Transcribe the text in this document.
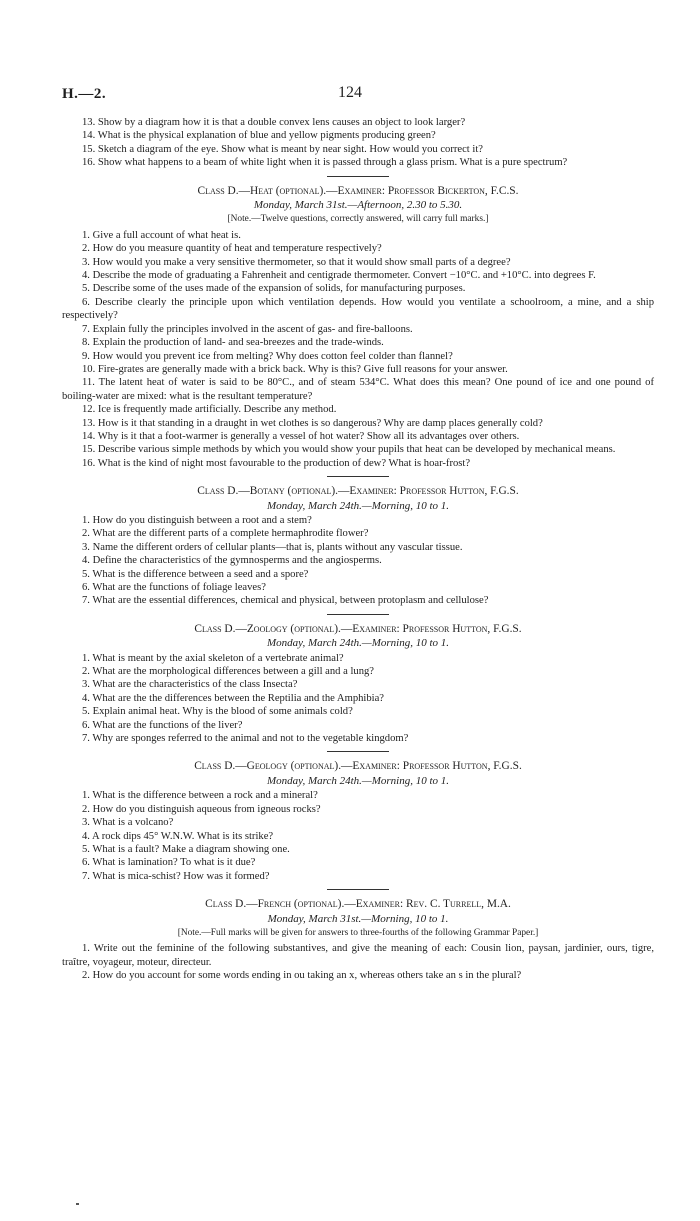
H.—2.	124

13. Show by a diagram how it is that a double convex lens causes an object to look larger?

14. What is the physical explanation of blue and yellow pigments producing green?

15. Sketch a diagram of the eye. Show what is meant by near sight. How would you correct it?

16. Show what happens to a beam of white light when it is passed through a glass prism. What is a pure spectrum?

Class D.—Heat (optional).—Examiner: Professor Bickerton, F.C.S.
Monday, March 31st.—Afternoon, 2.30 to 5.30.
[Note.—Twelve questions, correctly answered, will carry full marks.]

1. Give a full account of what heat is.

2. How do you measure quantity of heat and temperature respectively?

3. How would you make a very sensitive thermometer, so that it would show small parts of a degree?

4. Describe the mode of graduating a Fahrenheit and centigrade thermometer. Convert −10°C. and +10°C. into degrees F.

5. Describe some of the uses made of the expansion of solids, for manufacturing purposes.

6. Describe clearly the principle upon which ventilation depends. How would you ventilate a schoolroom, a mine, and a ship respectively?

7. Explain fully the principles involved in the ascent of gas- and fire-balloons.

8. Explain the production of land- and sea-breezes and the trade-winds.

9. How would you prevent ice from melting? Why does cotton feel colder than flannel?

10. Fire-grates are generally made with a brick back. Why is this? Give full reasons for your answer.

11. The latent heat of water is said to be 80°C., and of steam 534°C. What does this mean? One pound of ice and one pound of boiling-water are mixed: what is the resultant temperature?

12. Ice is frequently made artificially. Describe any method.

13. How is it that standing in a draught in wet clothes is so dangerous? Why are damp places generally cold?

14. Why is it that a foot-warmer is generally a vessel of hot water? Show all its advantages over others.

15. Describe various simple methods by which you would show your pupils that heat can be developed by mechanical means.

16. What is the kind of night most favourable to the production of dew? What is hoar-frost?

Class D.—Botany (optional).—Examiner: Professor Hutton, F.G.S.
Monday, March 24th.—Morning, 10 to 1.

1. How do you distinguish between a root and a stem?

2. What are the different parts of a complete hermaphrodite flower?

3. Name the different orders of cellular plants—that is, plants without any vascular tissue.

4. Define the characteristics of the gymnosperms and the angiosperms.

5. What is the difference between a seed and a spore?

6. What are the functions of foliage leaves?

7. What are the essential differences, chemical and physical, between protoplasm and cellulose?

Class D.—Zoology (optional).—Examiner: Professor Hutton, F.G.S.
Monday, March 24th.—Morning, 10 to 1.

1. What is meant by the axial skeleton of a vertebrate animal?

2. What are the morphological differences between a gill and a lung?

3. What are the characteristics of the class Insecta?

4. What are the the differences between the Reptilia and the Amphibia?

5. Explain animal heat. Why is the blood of some animals cold?

6. What are the functions of the liver?

7. Why are sponges referred to the animal and not to the vegetable kingdom?

Class D.—Geology (optional).—Examiner: Professor Hutton, F.G.S.
Monday, March 24th.—Morning, 10 to 1.

1. What is the difference between a rock and a mineral?

2. How do you distinguish aqueous from igneous rocks?

3. What is a volcano?

4. A rock dips 45° W.N.W. What is its strike?

5. What is a fault? Make a diagram showing one.

6. What is lamination? To what is it due?

7. What is mica-schist? How was it formed?

Class D.—French (optional).—Examiner: Rev. C. Turrell, M.A.
Monday, March 31st.—Morning, 10 to 1.
[Note.—Full marks will be given for answers to three-fourths of the following Grammar Paper.]

1. Write out the feminine of the following substantives, and give the meaning of each: Cousin lion, paysan, jardinier, ours, tigre, traître, voyageur, moteur, directeur.

2. How do you account for some words ending in ou taking an x, whereas others take an s in the plural?
